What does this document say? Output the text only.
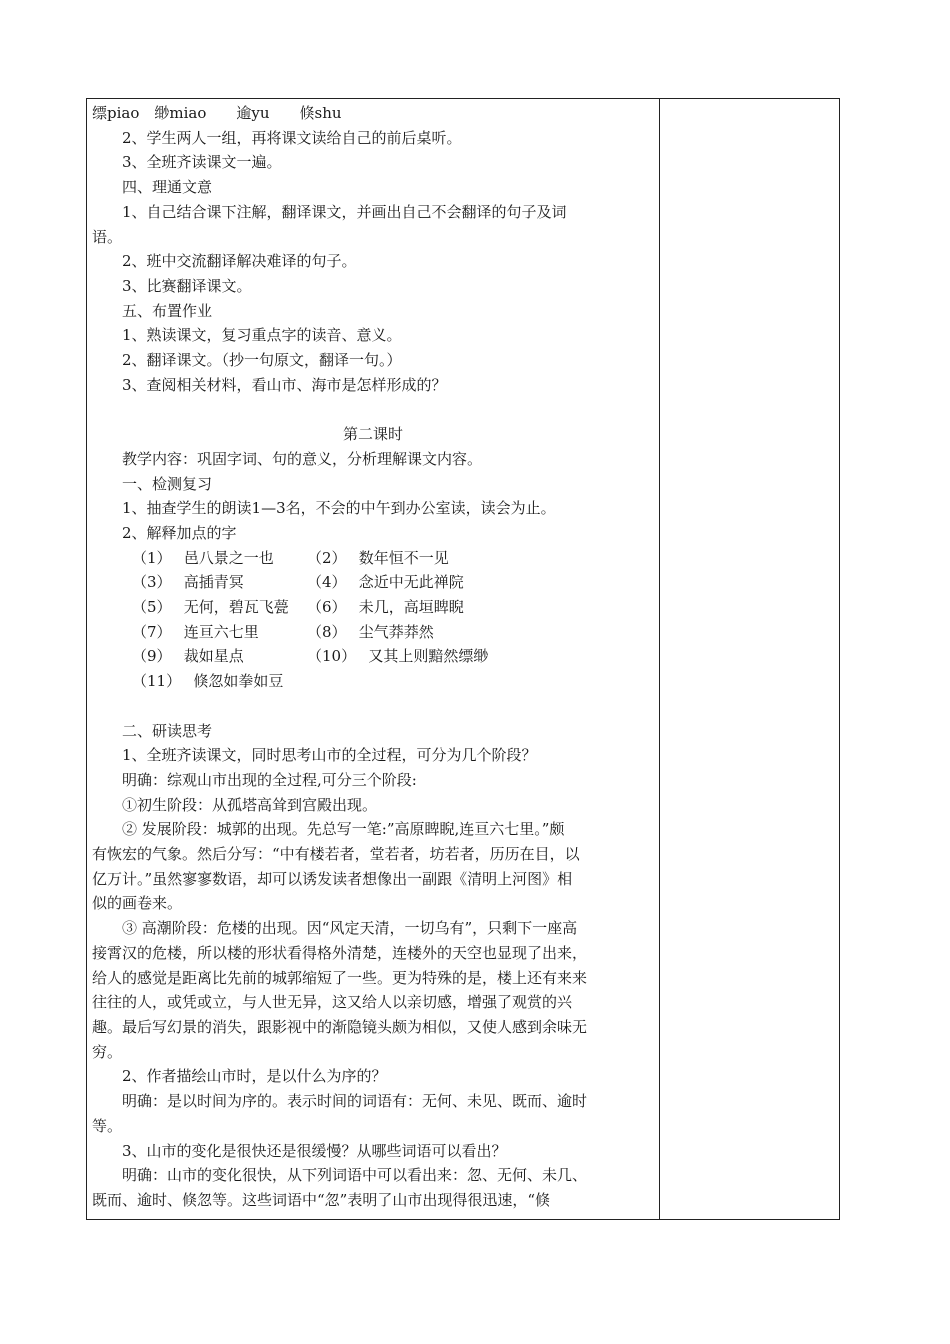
缥piao　缈miao　　逾yu　　倏shu
2、学生两人一组，再将课文读给自己的前后桌听。
3、全班齐读课文一遍。
四、理通文意
1、自己结合课下注解，翻译课文，并画出自己不会翻译的句子及词
语。
2、班中交流翻译解决难译的句子。
3、比赛翻译课文。
五、布置作业
1、熟读课文，复习重点字的读音、意义。
2、翻译课文。（抄一句原文，翻译一句。）
3、查阅相关材料，看山市、海市是怎样形成的？
第二课时
教学内容：巩固字词、句的意义，分析理解课文内容。
一、检测复习
1、抽查学生的朗读1—3名，不会的中午到办公室读，读会为止。
2、解释加点的字
（1）　 邑八景之一也	（2）　 数年恒不一见
（3）　 高插青冥	（4）　 念近中无此禅院
（5）　 无何，碧瓦飞甍	（6）　 未几，高垣睥睨
（7）　 连亘六七里	（8）　 尘气莽莽然
（9）　 裁如星点	（10）　 又其上则黯然缥缈
（11）　 倏忽如拳如豆
二、研读思考
1、全班齐读课文，同时思考山市的全过程，可分为几个阶段？
明确：综观山市出现的全过程,可分三个阶段:
①初生阶段：从孤塔高耸到宫殿出现。
② 发展阶段：城郭的出现。先总写一笔:”高原睥睨,连亘六七里。”颇
有恢宏的气象。然后分写：“中有楼若者，堂若者，坊若者，历历在目，以
亿万计。”虽然寥寥数语，却可以诱发读者想像出一副跟《清明上河图》相
似的画卷来。
③ 高潮阶段：危楼的出现。因“风定天清，一切乌有”，只剩下一座高
接霄汉的危楼，所以楼的形状看得格外清楚，连楼外的天空也显现了出来，
给人的感觉是距离比先前的城郭缩短了一些。更为特殊的是，楼上还有来来
往往的人，或凭或立，与人世无异，这又给人以亲切感，增强了观赏的兴
趣。最后写幻景的消失，跟影视中的渐隐镜头颇为相似，又使人感到余味无
穷。
2、作者描绘山市时，是以什么为序的？
明确：是以时间为序的。表示时间的词语有：无何、未见、既而、逾时
等。
3、山市的变化是很快还是很缓慢？从哪些词语可以看出？
明确：山市的变化很快，从下列词语中可以看出来：忽、无何、未几、
既而、逾时、倏忽等。这些词语中“忽”表明了山市出现得很迅速，“倏
